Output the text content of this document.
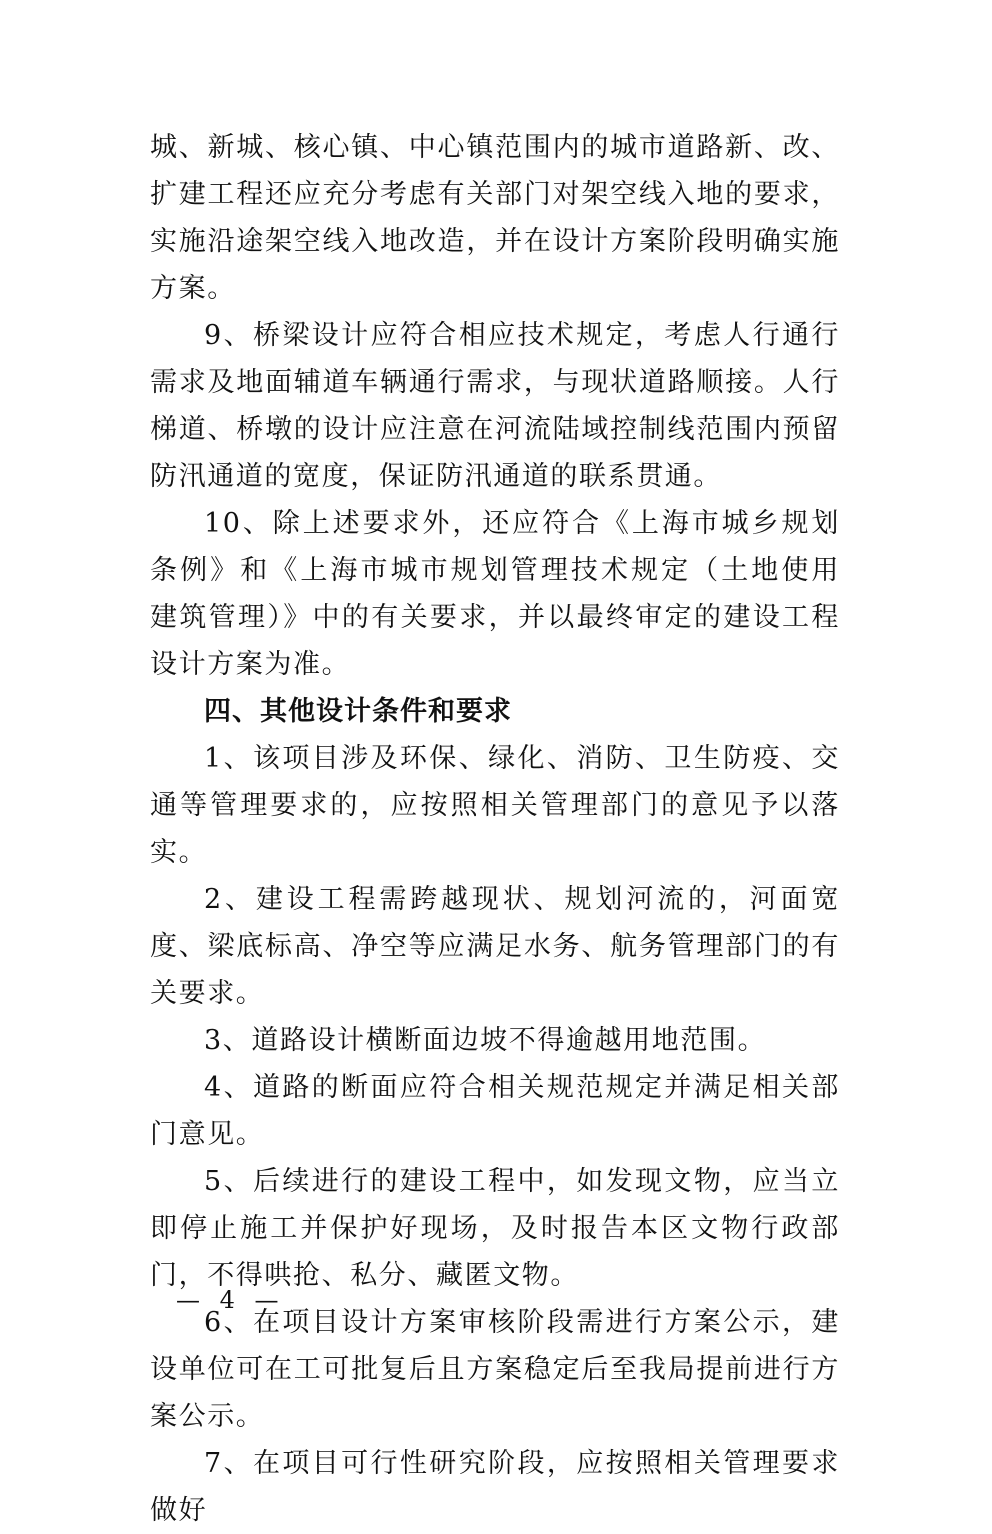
城、新城、核心镇、中心镇范围内的城市道路新、改、扩建工程还应充分考虑有关部门对架空线入地的要求，实施沿途架空线入地改造，并在设计方案阶段明确实施方案。

9、桥梁设计应符合相应技术规定，考虑人行通行需求及地面辅道车辆通行需求，与现状道路顺接。人行梯道、桥墩的设计应注意在河流陆域控制线范围内预留防汛通道的宽度，保证防汛通道的联系贯通。

10、除上述要求外，还应符合《上海市城乡规划条例》和《上海市城市规划管理技术规定（土地使用　建筑管理）》中的有关要求，并以最终审定的建设工程设计方案为准。

四、其他设计条件和要求

1、该项目涉及环保、绿化、消防、卫生防疫、交通等管理要求的，应按照相关管理部门的意见予以落实。

2、建设工程需跨越现状、规划河流的，河面宽度、梁底标高、净空等应满足水务、航务管理部门的有关要求。

3、道路设计横断面边坡不得逾越用地范围。

4、道路的断面应符合相关规范规定并满足相关部门意见。

5、后续进行的建设工程中，如发现文物，应当立即停止施工并保护好现场，及时报告本区文物行政部门，不得哄抢、私分、藏匿文物。

6、在项目设计方案审核阶段需进行方案公示，建设单位可在工可批复后且方案稳定后至我局提前进行方案公示。

7、在项目可行性研究阶段，应按照相关管理要求做好

— 4 —
